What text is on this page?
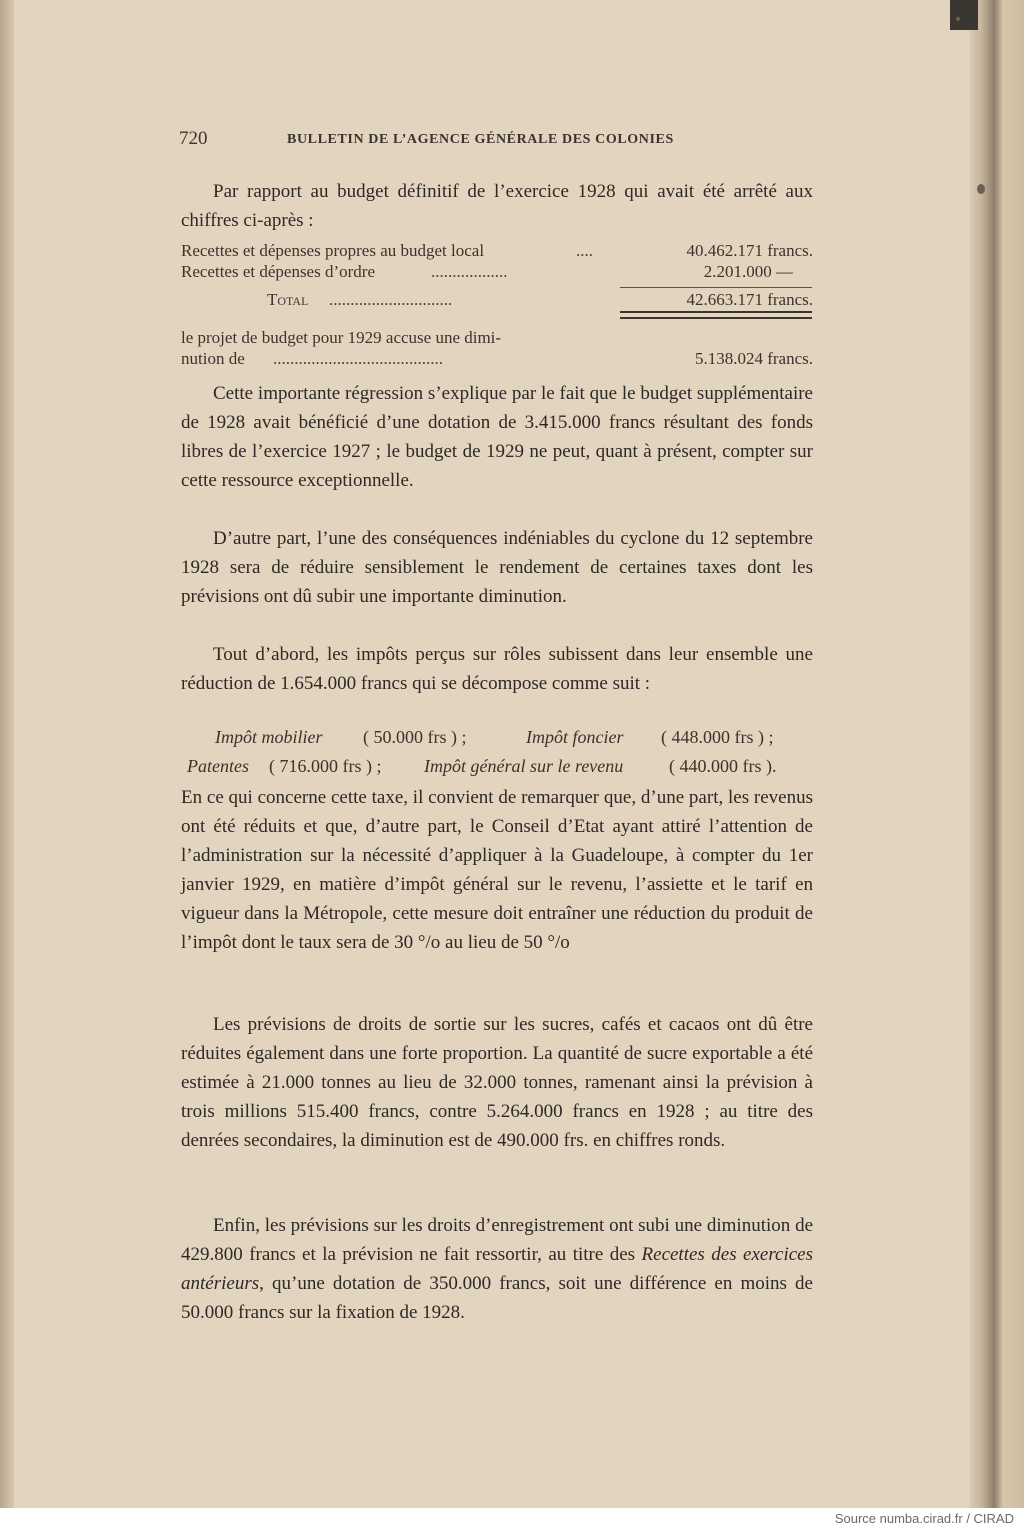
720	BULLETIN DE L’AGENCE GÉNÉRALE DES COLONIES

Par rapport au budget définitif de l’exercice 1928 qui avait été arrêté aux chiffres ci-après :

Recettes et dépenses propres au budget local	....	40.462.171 francs.
Recettes et dépenses d’ordre	..................	2.201.000 —
Total .............................	42.663.171 francs.
le projet de budget pour 1929 accuse une dimi-
nution de ........................................	5.138.024 francs.

Cette importante régression s’explique par le fait que le budget supplémentaire de 1928 avait bénéficié d’une dotation de 3.415.000 francs résultant des fonds libres de l’exercice 1927 ; le budget de 1929 ne peut, quant à présent, compter sur cette ressource exceptionnelle.

D’autre part, l’une des conséquences indéniables du cyclone du 12 septembre 1928 sera de réduire sensiblement le rendement de certaines taxes dont les prévisions ont dû subir une importante diminution.

Tout d’abord, les impôts perçus sur rôles subissent dans leur ensemble une réduction de 1.654.000 francs qui se décompose comme suit :

Impôt mobilier ( 50.000 frs ) ;	Impôt foncier ( 448.000 frs ) ;
Patentes ( 716.000 frs ) ; Impôt général sur le revenu	( 440.000 frs ).

En ce qui concerne cette taxe, il convient de remarquer que, d’une part, les revenus ont été réduits et que, d’autre part, le Conseil d’Etat ayant attiré l’attention de l’administration sur la nécessité d’appliquer à la Guadeloupe, à compter du 1er janvier 1929, en matière d’impôt général sur le revenu, l’assiette et le tarif en vigueur dans la Métropole, cette mesure doit entraîner une réduction du produit de l’impôt dont le taux sera de 30 °/o au lieu de 50 °/o

Les prévisions de droits de sortie sur les sucres, cafés et cacaos ont dû être réduites également dans une forte proportion. La quantité de sucre exportable a été estimée à 21.000 tonnes au lieu de 32.000 tonnes, ramenant ainsi la prévision à trois millions 515.400 francs, contre 5.264.000 francs en 1928 ; au titre des denrées secondaires, la diminution est de 490.000 frs. en chiffres ronds.

Enfin, les prévisions sur les droits d’enregistrement ont subi une diminution de 429.800 francs et la prévision ne fait ressortir, au titre des Recettes des exercices antérieurs, qu’une dotation de 350.000 francs, soit une différence en moins de 50.000 francs sur la fixation de 1928.

Source numba.cirad.fr / CIRAD
